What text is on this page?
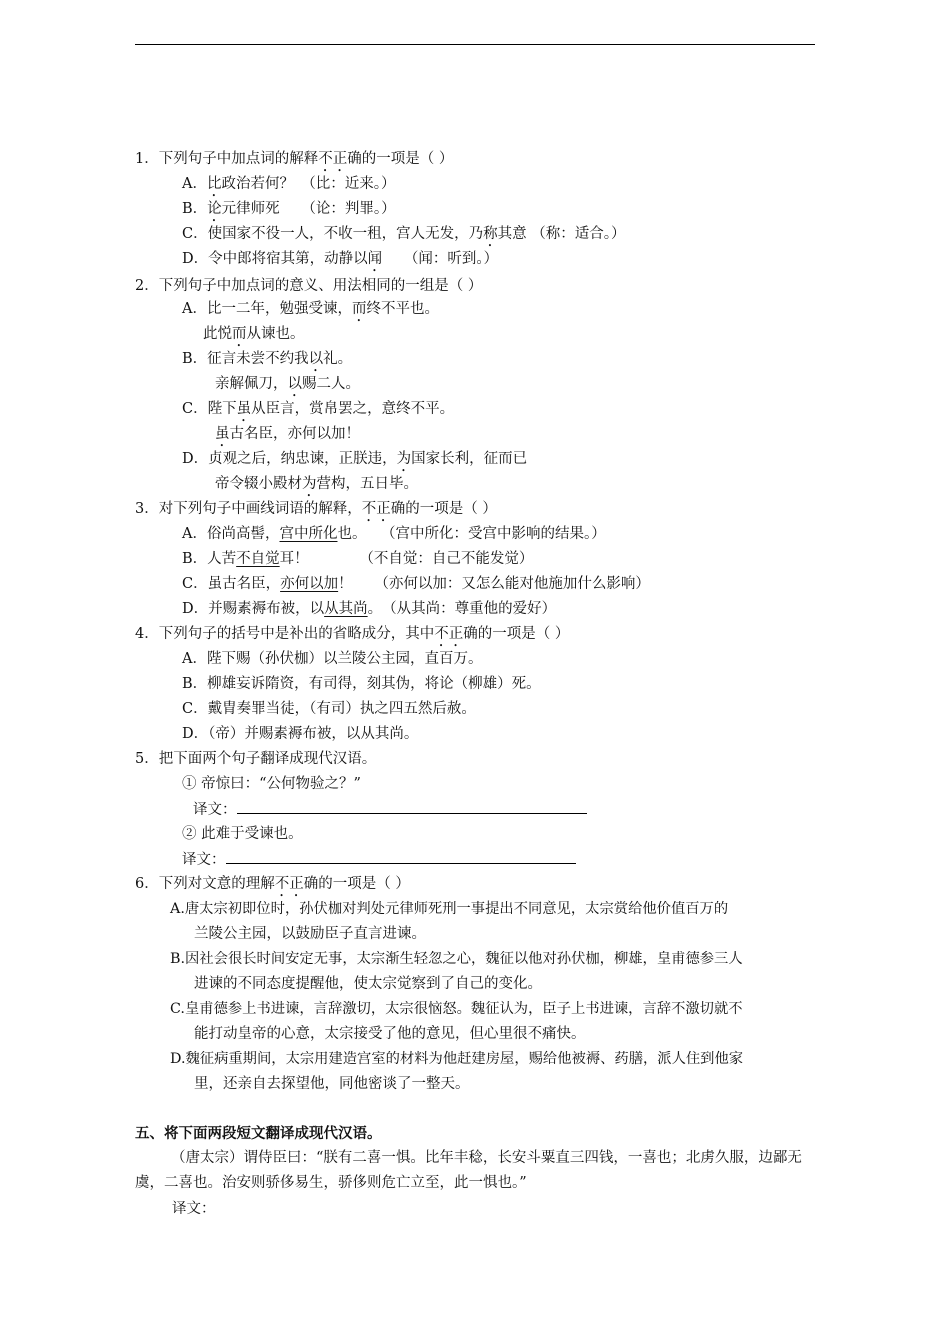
1．下列句子中加点词的解释不正确的一项是（ ）
A．比政治若何？　（比：近来。）
B．论元律师死　　（论：判罪。）
C．使国家不役一人，不收一租，宫人无发，乃称其意 （称：适合。）
D．令中郎将宿其第，动静以闻　　（闻：听到。）
2．下列句子中加点词的意义、用法相同的一组是（ ）
A．比一二年，勉强受谏，而终不平也。
此悦而从谏也。
B．征言未尝不约我以礼。
亲解佩刀，以赐二人。
C．陛下虽从臣言，赏帛罢之，意终不平。
虽古名臣，亦何以加！
D．贞观之后，纳忠谏，正朕违，为国家长利，征而已
帝令辍小殿材为营构，五日毕。
3．对下列句子中画线词语的解释，不正确的一项是（ ）
A．俗尚高髻，宫中所化也。　　（宫中所化：受宫中影响的结果。）
B．人苦不自觉耳！　　　　（不自觉：自己不能发觉）
C．虽古名臣，亦何以加！　　（亦何以加：又怎么能对他施加什么影响）
D．并赐素褥布被，以从其尚。　（从其尚：尊重他的爱好）
4．下列句子的括号中是补出的省略成分，其中不正确的一项是（ ）
A．陛下赐（孙伏枷）以兰陵公主园，直百万。
B．柳雄妄诉隋资，有司得，刻其伪，将论（柳雄）死。
C．戴胄奏罪当徒，（有司）执之四五然后赦。
D．（帝）并赐素褥布被，以从其尚。
5．把下面两个句子翻译成现代汉语。
① 帝惊曰：“公何物验之？”
译文：
② 此难于受谏也。
译文：
6．下列对文意的理解不正确的一项是（ ）
A.唐太宗初即位时，孙伏枷对判处元律师死刑一事提出不同意见，太宗赏给他价值百万的
兰陵公主园，以鼓励臣子直言进谏。
B.因社会很长时间安定无事，太宗渐生轻忽之心，魏征以他对孙伏枷，柳雄，皇甫德参三人
进谏的不同态度提醒他，使太宗觉察到了自己的变化。
C.皇甫德参上书进谏，言辞激切，太宗很恼怒。魏征认为，臣子上书进谏，言辞不激切就不
能打动皇帝的心意，太宗接受了他的意见，但心里很不痛快。
D.魏征病重期间，太宗用建造宫室的材料为他赶建房屋，赐给他被褥、药膳，派人住到他家
里，还亲自去探望他，同他密谈了一整天。
五、将下面两段短文翻译成现代汉语。
（唐太宗）谓侍臣曰：“朕有二喜一惧。比年丰稔，长安斗粟直三四钱，一喜也；北虏久服，边鄙无虞，二喜也。治安则骄侈易生，骄侈则危亡立至，此一惧也。”
译文：
